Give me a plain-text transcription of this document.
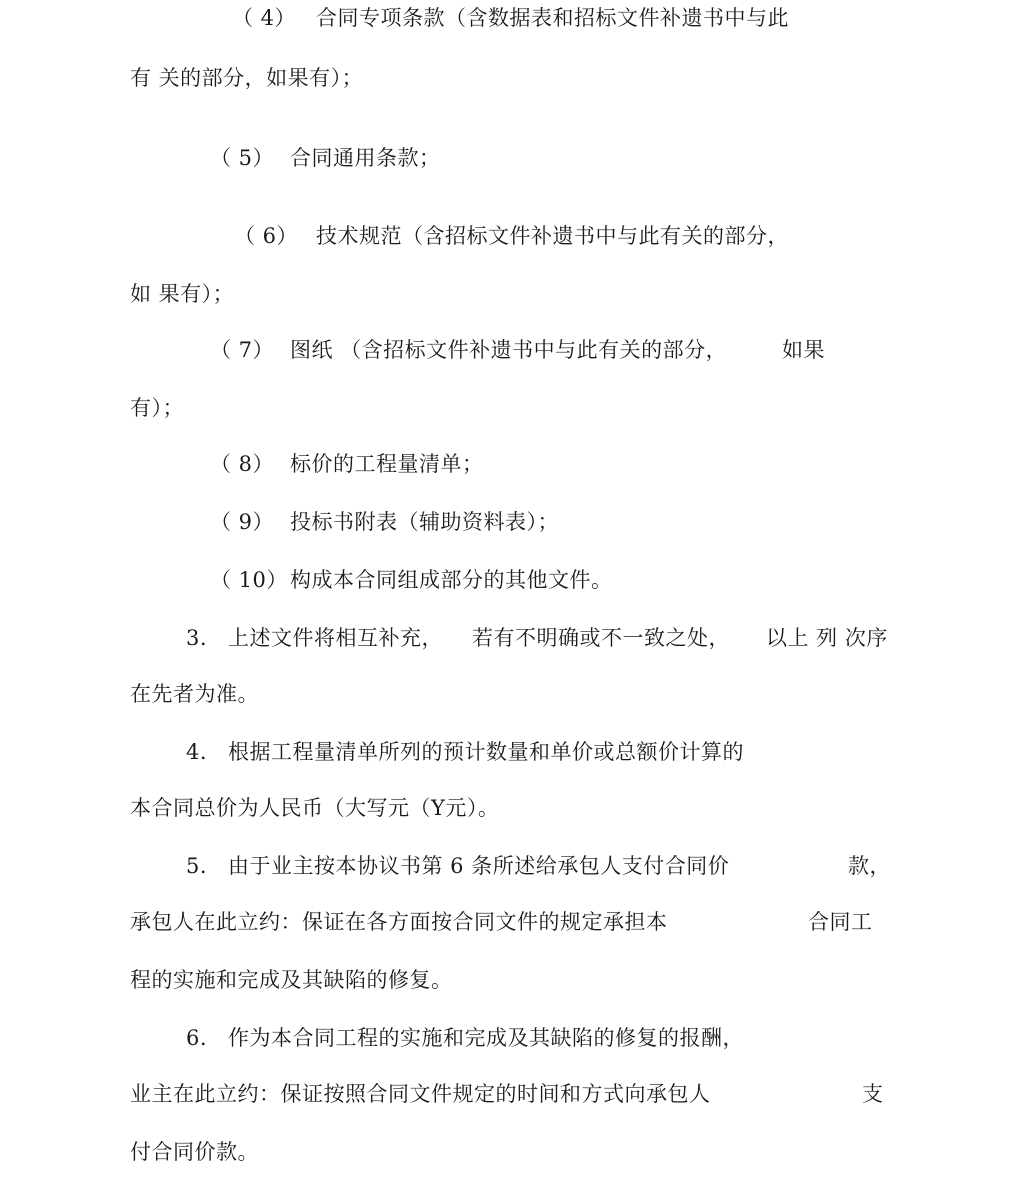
（ 4） 合同专项条款（含数据表和招标文件补遗书中与此
有 关的部分，如果有）；
（ 5） 合同通用条款；
（ 6） 技术规范（含招标文件补遗书中与此有关的部分，
如 果有）；
（ 7） 图纸 （含招标文件补遗书中与此有关的部分，	如果
有）；
（ 8） 标价的工程量清单；
（ 9） 投标书附表（辅助资料表）；
（ 10） 构成本合同组成部分的其他文件。
3. 上述文件将相互补充， 若有不明确或不一致之处， 以上 列 次序
在先者为准。
4. 根据工程量清单所列的预计数量和单价或总额价计算的
本合同总价为人民币（大写元（Y元）。
5. 由于业主按本协议书第 6 条所述给承包人支付合同价	款，
承包人在此立约：保证在各方面按合同文件的规定承担本	合同工
程的实施和完成及其缺陷的修复。
6. 作为本合同工程的实施和完成及其缺陷的修复的报酬，
业主在此立约：保证按照合同文件规定的时间和方式向承包人	支
付合同价款。
